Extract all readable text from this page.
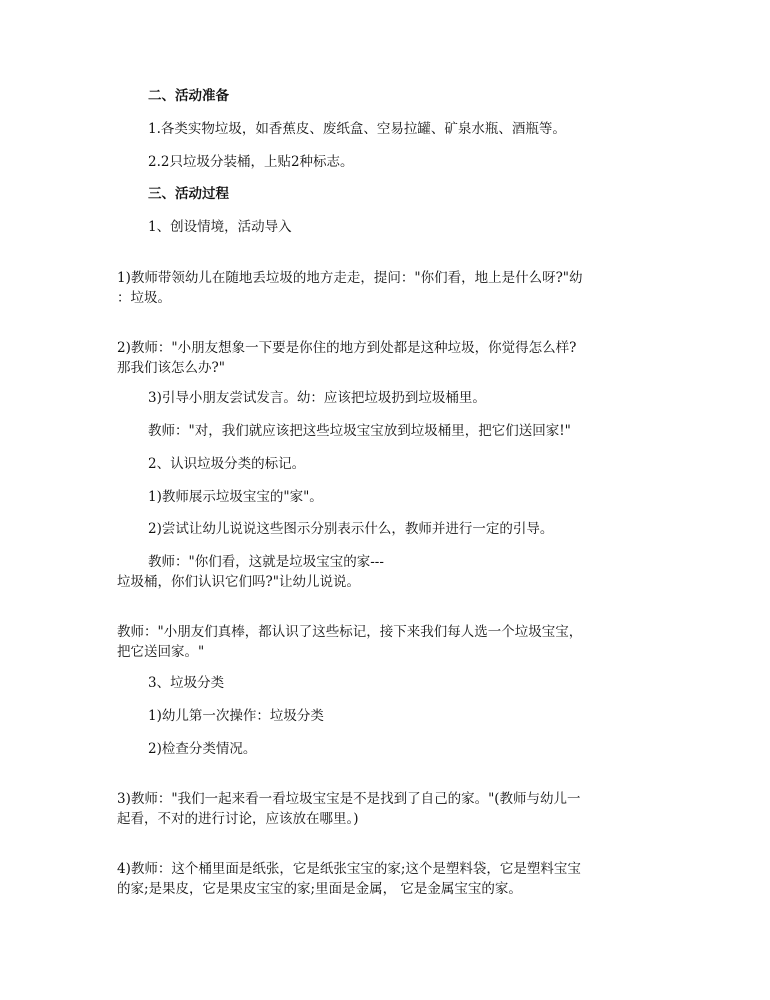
二、活动准备
1.各类实物垃圾，如香蕉皮、废纸盒、空易拉罐、矿泉水瓶、酒瓶等。
2.2只垃圾分装桶，上贴2种标志。
三、活动过程
1、创设情境，活动导入
1)教师带领幼儿在随地丢垃圾的地方走走，提问："你们看，地上是什么呀?"幼
：垃圾。
2)教师："小朋友想象一下要是你住的地方到处都是这种垃圾，你觉得怎么样?
那我们该怎么办?"
3)引导小朋友尝试发言。幼：应该把垃圾扔到垃圾桶里。
教师："对，我们就应该把这些垃圾宝宝放到垃圾桶里，把它们送回家!"
2、认识垃圾分类的标记。
1)教师展示垃圾宝宝的"家"。
2)尝试让幼儿说说这些图示分别表示什么，教师并进行一定的引导。
教师："你们看，这就是垃圾宝宝的家---
垃圾桶，你们认识它们吗?"让幼儿说说。
教师："小朋友们真棒，都认识了这些标记，接下来我们每人选一个垃圾宝宝，
把它送回家。"
3、垃圾分类
1)幼儿第一次操作：垃圾分类
2)检查分类情况。
3)教师："我们一起来看一看垃圾宝宝是不是找到了自己的家。"(教师与幼儿一
起看，不对的进行讨论，应该放在哪里。)
4)教师：这个桶里面是纸张，它是纸张宝宝的家;这个是塑料袋，它是塑料宝宝
的家;是果皮，它是果皮宝宝的家;里面是金属， 它是金属宝宝的家。
